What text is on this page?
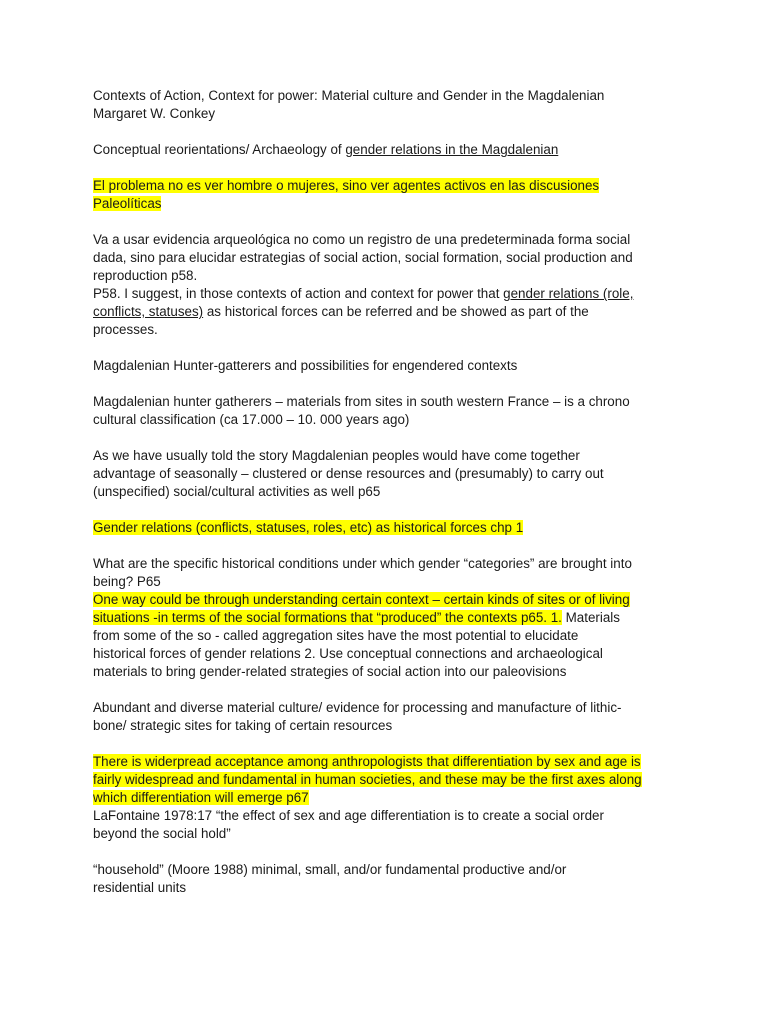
Contexts of Action, Context for power: Material culture and Gender in the Magdalenian
Margaret W. Conkey
Conceptual reorientations/ Archaeology of gender relations in the Magdalenian
El problema no es ver hombre o mujeres, sino ver agentes activos en las discusiones
Paleolíticas
Va a usar evidencia arqueológica no como un registro de una predeterminada forma social
dada, sino para elucidar estrategias of social action, social formation, social production and
reproduction p58.
P58. I suggest, in those contexts of action and context for power that gender relations (role,
conflicts, statuses) as historical forces can be referred and be showed as part of the
processes.
Magdalenian Hunter-gatterers and possibilities for engendered contexts
Magdalenian hunter gatherers – materials from sites in south western France – is a chrono
cultural classification (ca 17.000 – 10. 000 years ago)
As we have usually told the story Magdalenian peoples would have come together
advantage of seasonally – clustered or dense resources and (presumably) to carry out
(unspecified) social/cultural activities as well p65
Gender relations (conflicts, statuses, roles, etc) as historical forces chp 1
What are the specific historical conditions under which gender “categories” are brought into
being? P65
One way could be through understanding certain context – certain kinds of sites or of living
situations -in terms of the social formations that “produced” the contexts p65. 1. Materials
from some of the so - called aggregation sites have the most potential to elucidate
historical forces of gender relations 2. Use conceptual connections and archaeological
materials to bring gender-related strategies of social action into our paleovisions
Abundant and diverse material culture/ evidence for processing and manufacture of lithic-
bone/ strategic sites for taking of certain resources
There is widerpread acceptance among anthropologists that differentiation by sex and age is
fairly widespread and fundamental in human societies, and these may be the first axes along
which differentiation will emerge p67
LaFontaine 1978:17 “the effect of sex and age differentiation is to create a social order
beyond the social hold”
“household” (Moore 1988) minimal, small, and/or fundamental productive and/or
residential units
